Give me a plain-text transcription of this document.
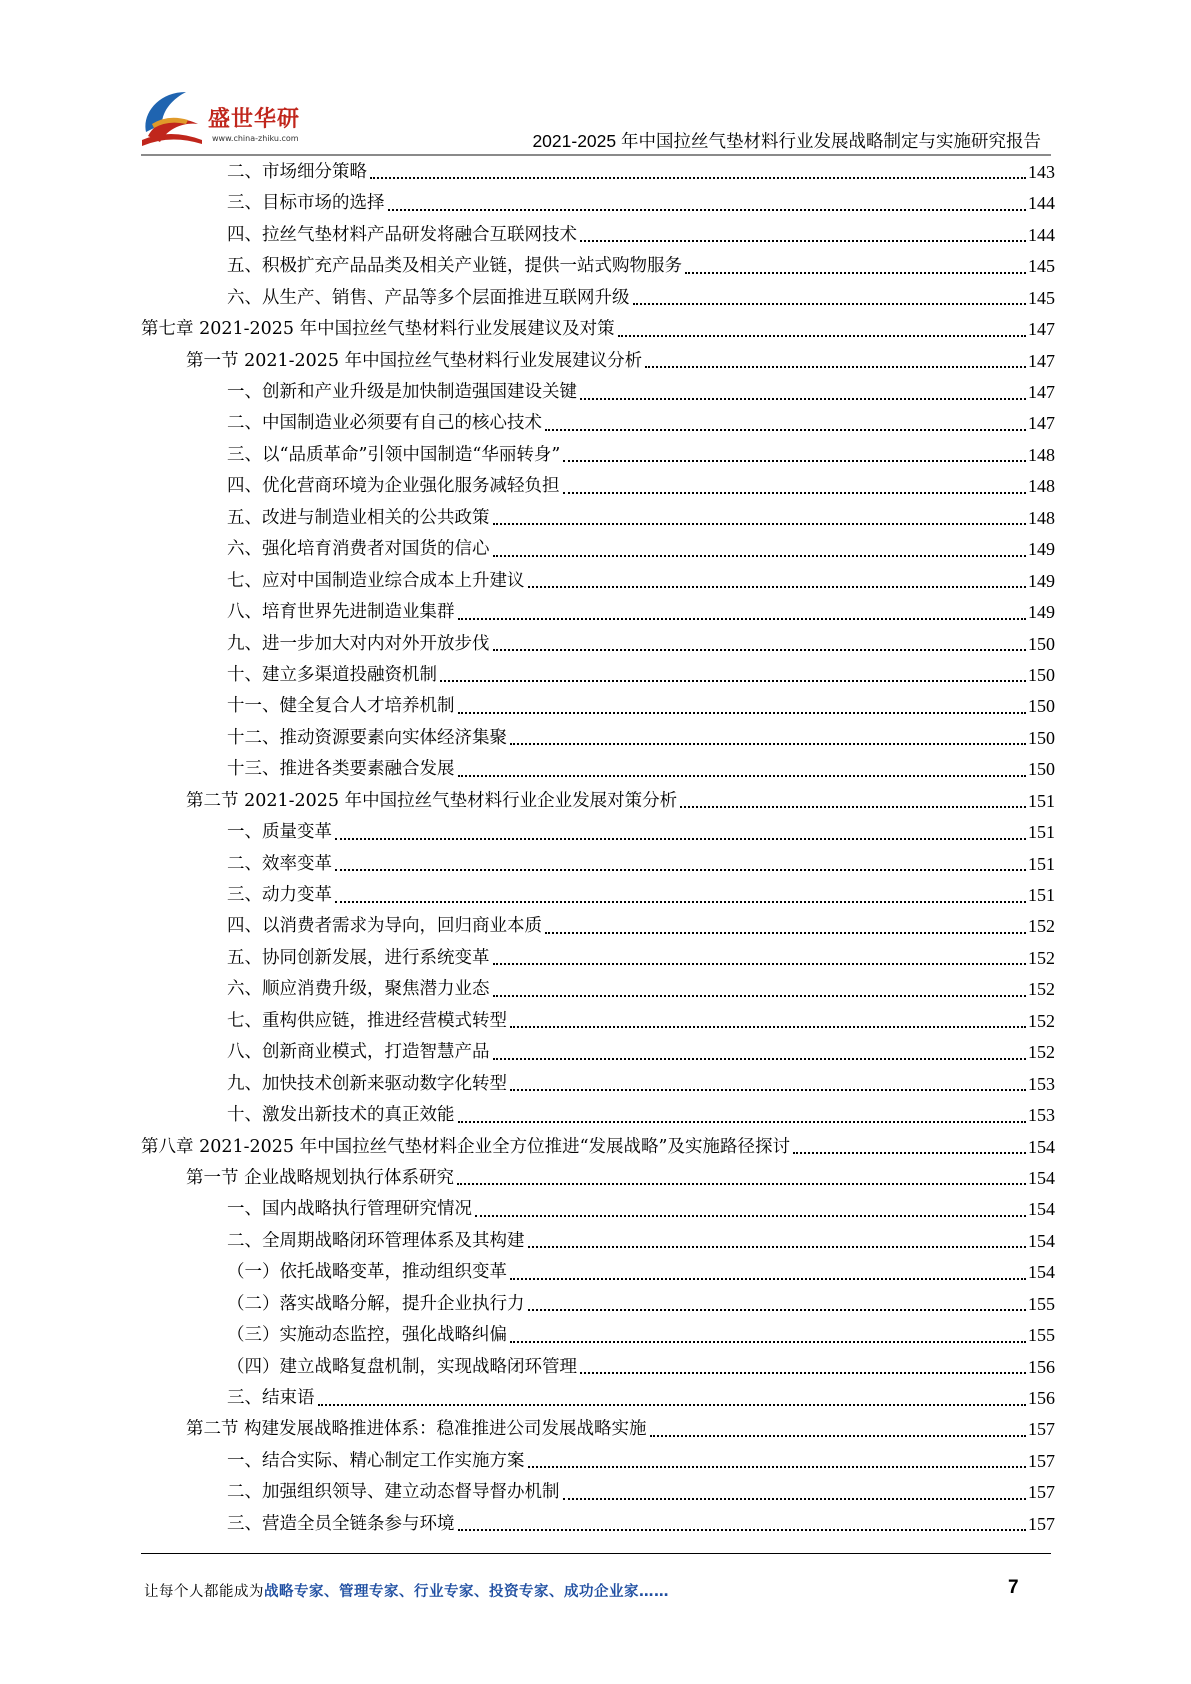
盛世华研
www.china-zhiku.com	2021-2025 年中国拉丝气垫材料行业发展战略制定与实施研究报告
二、市场细分策略	143
三、目标市场的选择	144
四、拉丝气垫材料产品研发将融合互联网技术	144
五、积极扩充产品品类及相关产业链，提供一站式购物服务	145
六、从生产、销售、产品等多个层面推进互联网升级	145
第七章 2021-2025 年中国拉丝气垫材料行业发展建议及对策	147
第一节 2021-2025 年中国拉丝气垫材料行业发展建议分析	147
一、创新和产业升级是加快制造强国建设关键	147
二、中国制造业必须要有自己的核心技术	147
三、以“品质革命”引领中国制造“华丽转身”	148
四、优化营商环境为企业强化服务减轻负担	148
五、改进与制造业相关的公共政策	148
六、强化培育消费者对国货的信心	149
七、应对中国制造业综合成本上升建议	149
八、培育世界先进制造业集群	149
九、进一步加大对内对外开放步伐	150
十、建立多渠道投融资机制	150
十一、健全复合人才培养机制	150
十二、推动资源要素向实体经济集聚	150
十三、推进各类要素融合发展	150
第二节 2021-2025 年中国拉丝气垫材料行业企业发展对策分析	151
一、质量变革	151
二、效率变革	151
三、动力变革	151
四、以消费者需求为导向，回归商业本质	152
五、协同创新发展，进行系统变革	152
六、顺应消费升级，聚焦潜力业态	152
七、重构供应链，推进经营模式转型	152
八、创新商业模式，打造智慧产品	152
九、加快技术创新来驱动数字化转型	153
十、激发出新技术的真正效能	153
第八章 2021-2025 年中国拉丝气垫材料企业全方位推进“发展战略”及实施路径探讨	154
第一节 企业战略规划执行体系研究	154
一、国内战略执行管理研究情况	154
二、全周期战略闭环管理体系及其构建	154
（一）依托战略变革，推动组织变革	154
（二）落实战略分解，提升企业执行力	155
（三）实施动态监控，强化战略纠偏	155
（四）建立战略复盘机制，实现战略闭环管理	156
三、结束语	156
第二节 构建发展战略推进体系：稳准推进公司发展战略实施	157
一、结合实际、精心制定工作实施方案	157
二、加强组织领导、建立动态督导督办机制	157
三、营造全员全链条参与环境	157
让每个人都能成为战略专家、管理专家、行业专家、投资专家、成功企业家……	7
